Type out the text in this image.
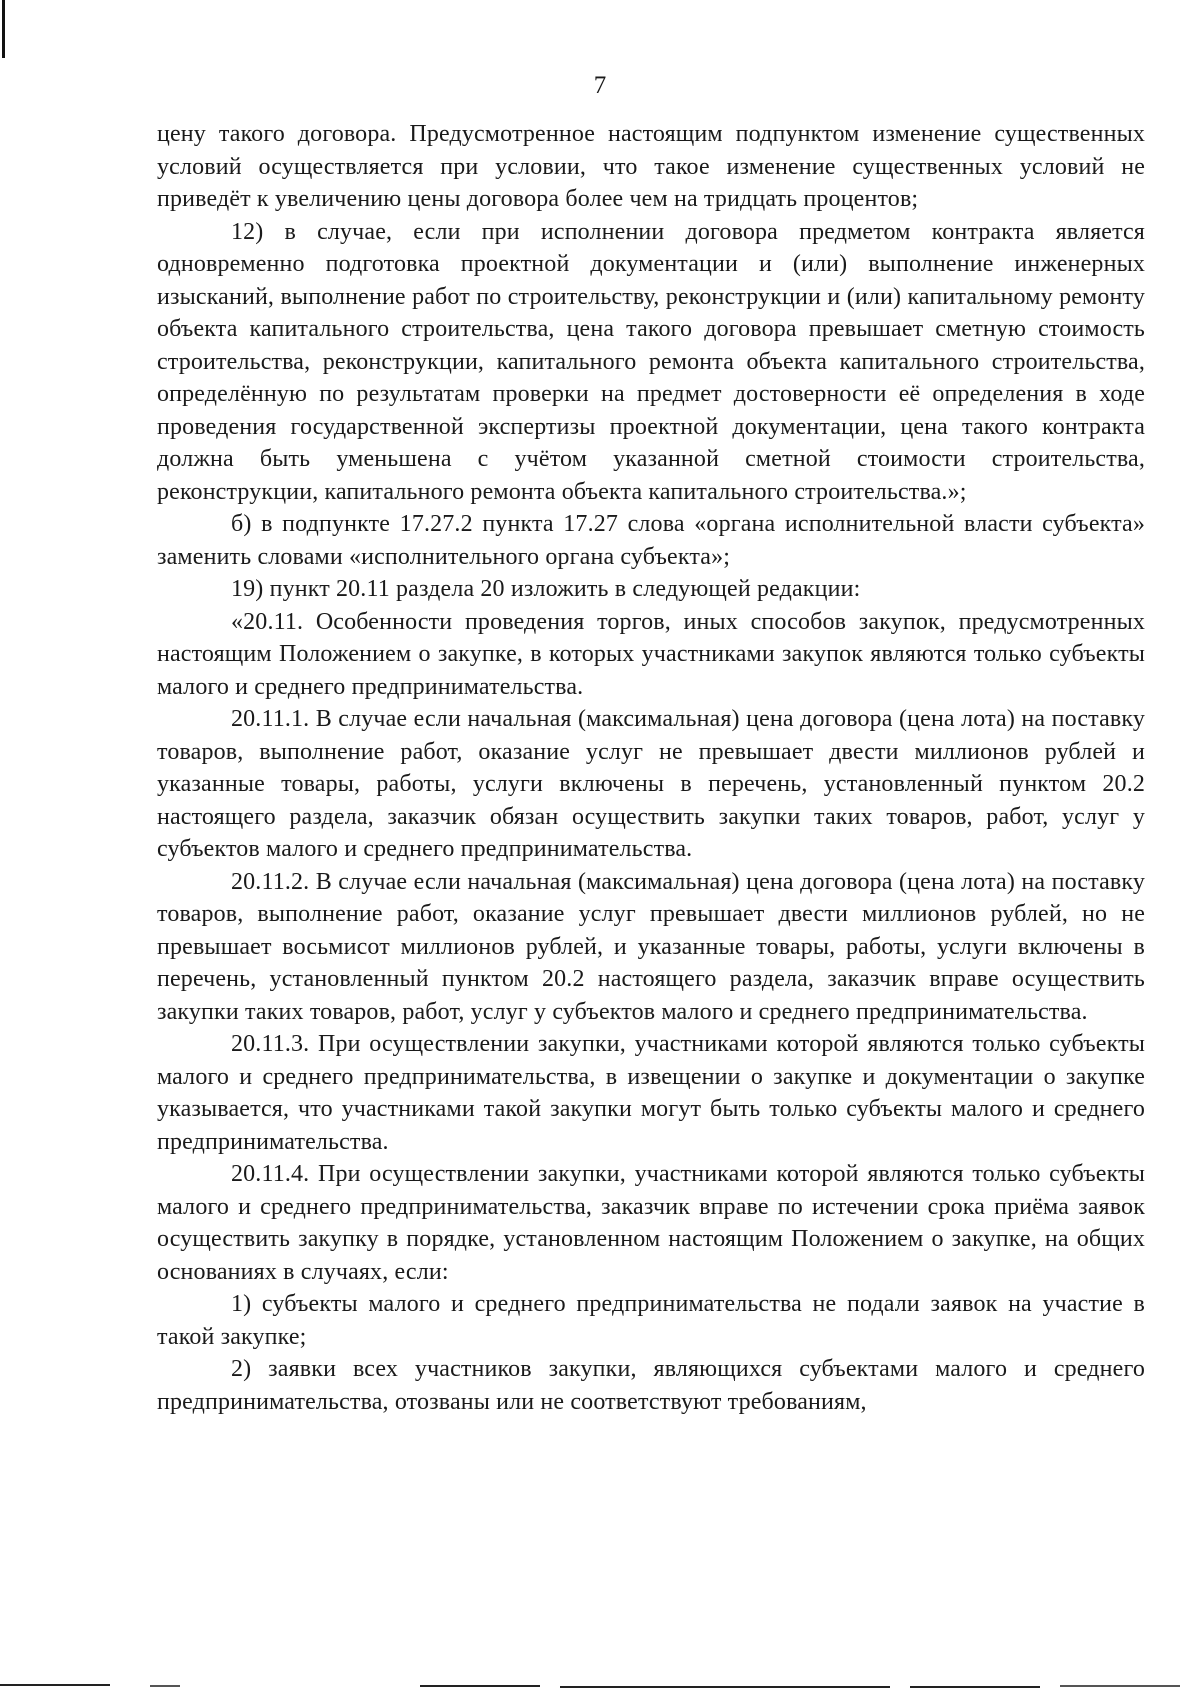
7

цену такого договора. Предусмотренное настоящим подпунктом изменение существенных условий осуществляется при условии, что такое изменение существенных условий не приведёт к увеличению цены договора более чем на тридцать процентов;

12) в случае, если при исполнении договора предметом контракта является одновременно подготовка проектной документации и (или) выполнение инженерных изысканий, выполнение работ по строительству, реконструкции и (или) капитальному ремонту объекта капитального строительства, цена такого договора превышает сметную стоимость строительства, реконструкции, капитального ремонта объекта капитального строительства, определённую по результатам проверки на предмет достоверности её определения в ходе проведения государственной экспертизы проектной документации, цена такого контракта должна быть уменьшена с учётом указанной сметной стоимости строительства, реконструкции, капитального ремонта объекта капитального строительства.»;

б) в подпункте 17.27.2 пункта 17.27 слова «органа исполнительной власти субъекта» заменить словами «исполнительного органа субъекта»;

19) пункт 20.11 раздела 20 изложить в следующей редакции:

«20.11. Особенности проведения торгов, иных способов закупок, предусмотренных настоящим Положением о закупке, в которых участниками закупок являются только субъекты малого и среднего предпринимательства.

20.11.1. В случае если начальная (максимальная) цена договора (цена лота) на поставку товаров, выполнение работ, оказание услуг не превышает двести миллионов рублей и указанные товары, работы, услуги включены в перечень, установленный пунктом 20.2 настоящего раздела, заказчик обязан осуществить закупки таких товаров, работ, услуг у субъектов малого и среднего предпринимательства.

20.11.2. В случае если начальная (максимальная) цена договора (цена лота) на поставку товаров, выполнение работ, оказание услуг превышает двести миллионов рублей, но не превышает восьмисот миллионов рублей, и указанные товары, работы, услуги включены в перечень, установленный пунктом 20.2 настоящего раздела, заказчик вправе осуществить закупки таких товаров, работ, услуг у субъектов малого и среднего предпринимательства.

20.11.3. При осуществлении закупки, участниками которой являются только субъекты малого и среднего предпринимательства, в извещении о закупке и документации о закупке указывается, что участниками такой закупки могут быть только субъекты малого и среднего предпринимательства.

20.11.4. При осуществлении закупки, участниками которой являются только субъекты малого и среднего предпринимательства, заказчик вправе по истечении срока приёма заявок осуществить закупку в порядке, установленном настоящим Положением о закупке, на общих основаниях в случаях, если:

1) субъекты малого и среднего предпринимательства не подали заявок на участие в такой закупке;

2) заявки всех участников закупки, являющихся субъектами малого и среднего предпринимательства, отозваны или не соответствуют требованиям,
